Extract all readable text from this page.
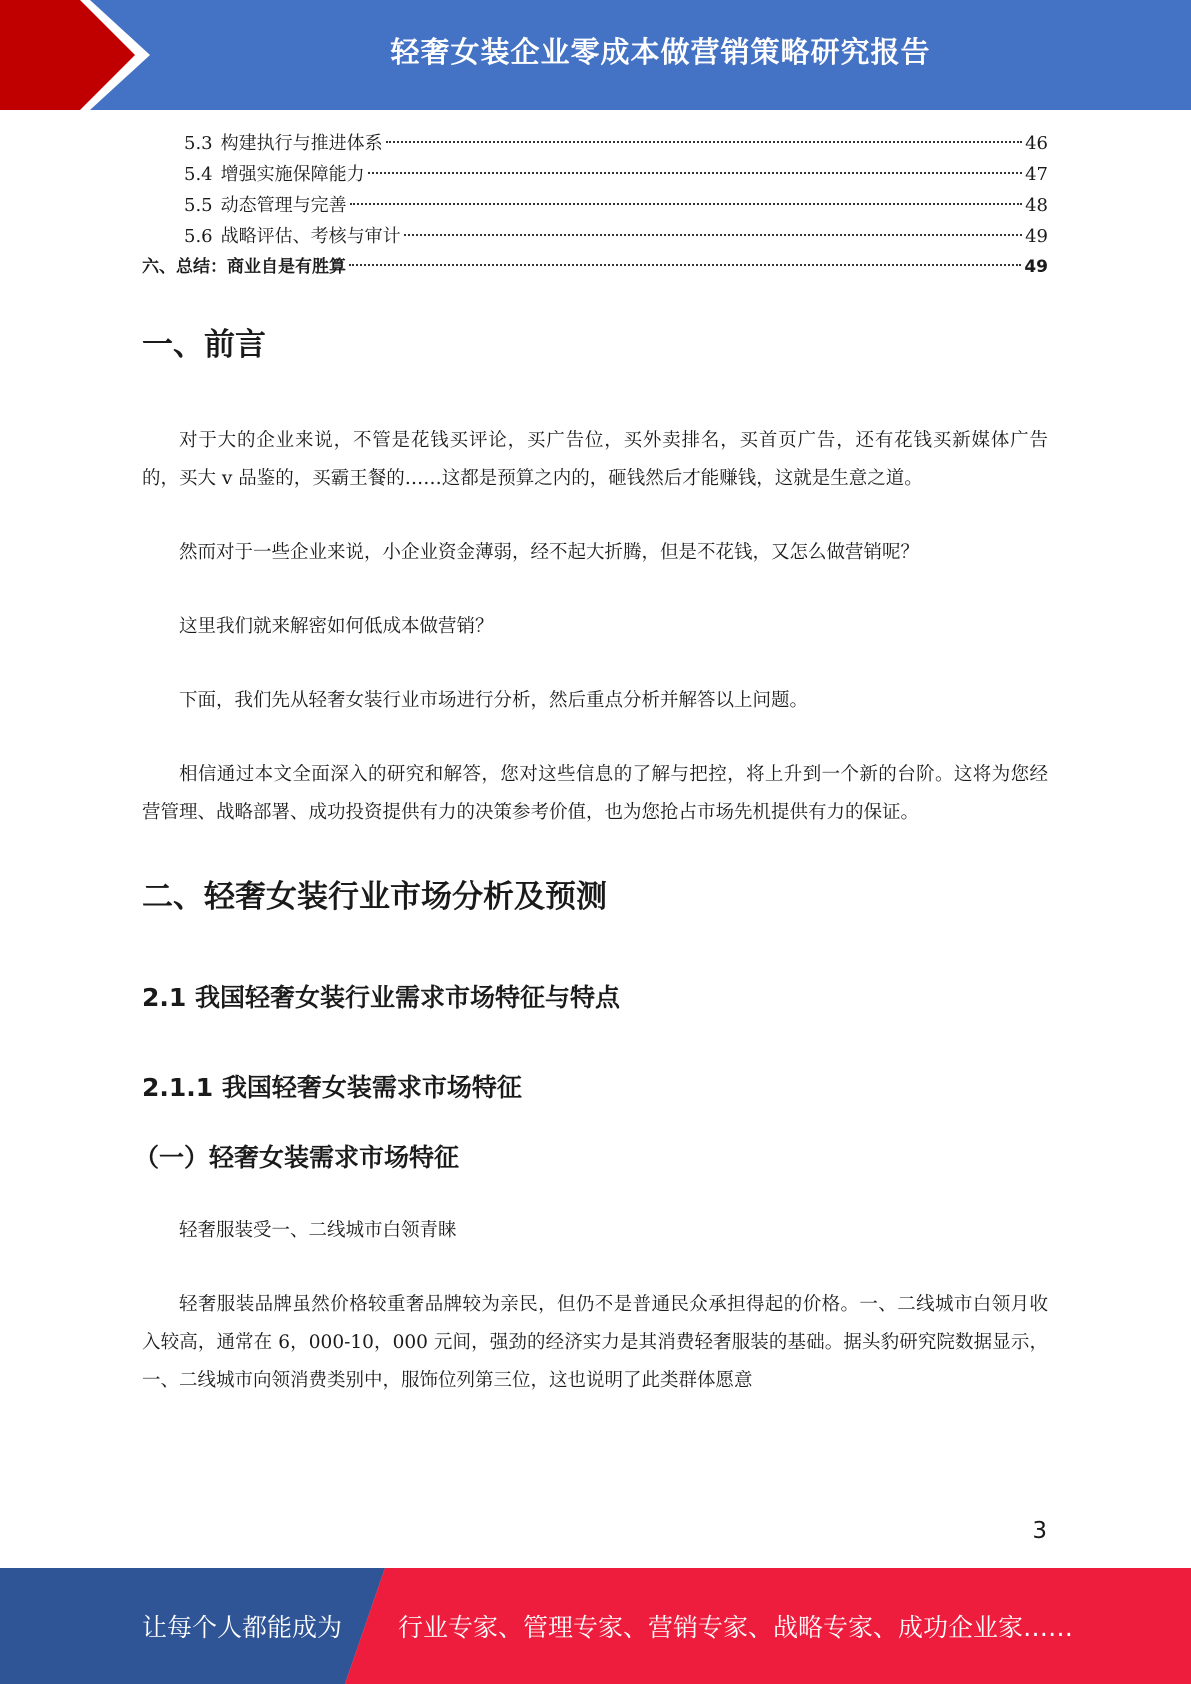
轻奢女装企业零成本做营销策略研究报告
5.3 构建执行与推进体系	46
5.4 增强实施保障能力	47
5.5 动态管理与完善	48
5.6 战略评估、考核与审计	49
六、总结：商业自是有胜算	49
一、前言

对于大的企业来说，不管是花钱买评论，买广告位，买外卖排名，买首页广告，还有花钱买新媒体广告的，买大 v 品鉴的，买霸王餐的……这都是预算之内的，砸钱然后才能赚钱，这就是生意之道。

然而对于一些企业来说，小企业资金薄弱，经不起大折腾，但是不花钱，又怎么做营销呢？

这里我们就来解密如何低成本做营销？

下面，我们先从轻奢女装行业市场进行分析，然后重点分析并解答以上问题。

相信通过本文全面深入的研究和解答，您对这些信息的了解与把控，将上升到一个新的台阶。这将为您经营管理、战略部署、成功投资提供有力的决策参考价值，也为您抢占市场先机提供有力的保证。

二、轻奢女装行业市场分析及预测
2.1 我国轻奢女装行业需求市场特征与特点
2.1.1 我国轻奢女装需求市场特征
（一）轻奢女装需求市场特征

轻奢服装受一、二线城市白领青睐

轻奢服装品牌虽然价格较重奢品牌较为亲民，但仍不是普通民众承担得起的价格。一、二线城市白领月收入较高，通常在 6，000-10，000 元间，强劲的经济实力是其消费轻奢服装的基础。据头豹研究院数据显示，一、二线城市向领消费类别中，服饰位列第三位，这也说明了此类群体愿意

3
让每个人都能成为 行业专家、管理专家、营销专家、战略专家、成功企业家……
